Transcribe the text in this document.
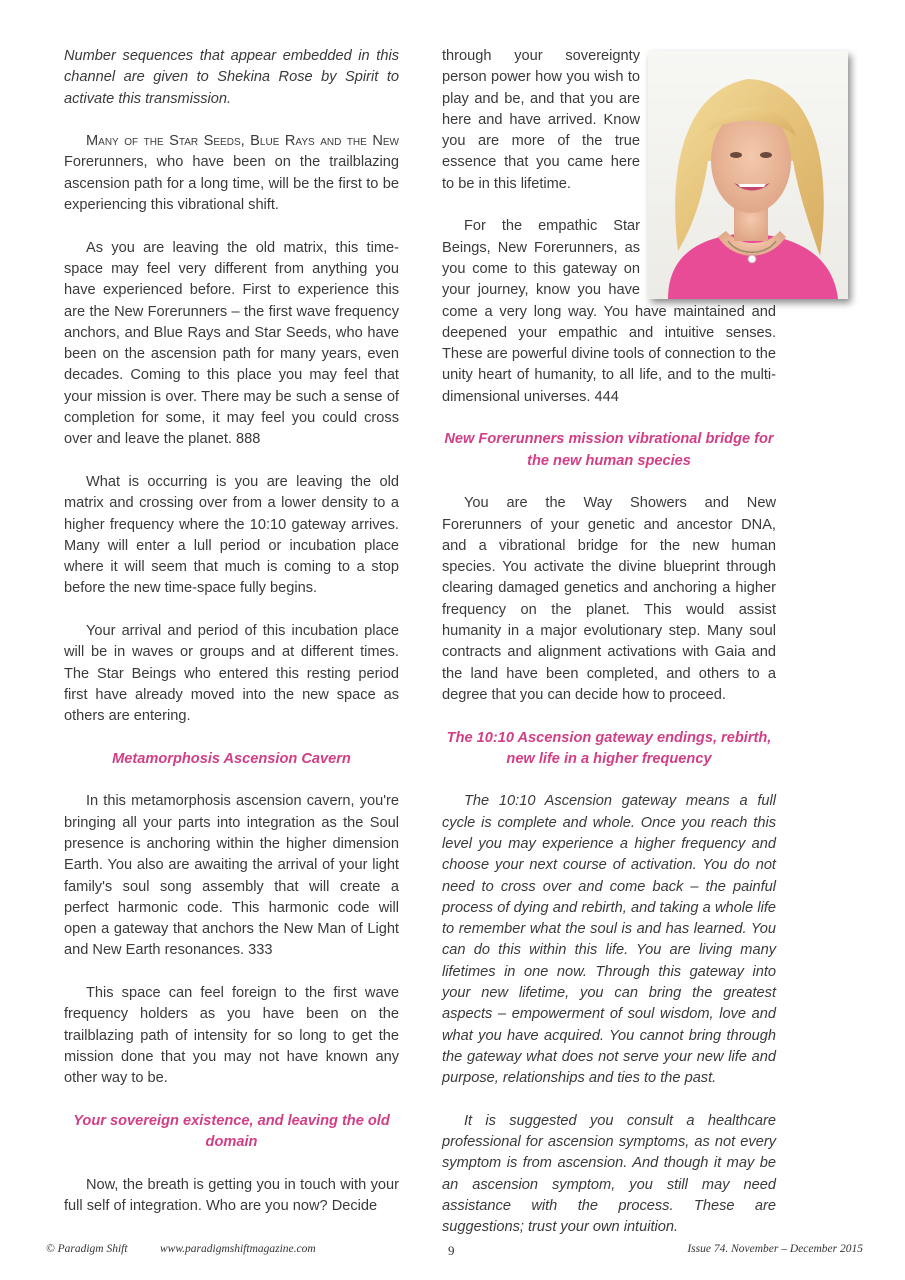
Number sequences that appear embedded in this channel are given to Shekina Rose by Spirit to activate this transmission.

Many of the Star Seeds, Blue Rays and the New Forerunners, who have been on the trailblazing ascension path for a long time, will be the first to be experiencing this vibrational shift.

As you are leaving the old matrix, this time-space may feel very different from anything you have experienced before. First to experience this are the New Forerunners – the first wave frequency anchors, and Blue Rays and Star Seeds, who have been on the ascension path for many years, even decades. Coming to this place you may feel that your mission is over. There may be such a sense of completion for some, it may feel you could cross over and leave the planet. 888

What is occurring is you are leaving the old matrix and crossing over from a lower density to a higher frequency where the 10:10 gateway arrives. Many will enter a lull period or incubation place where it will seem that much is coming to a stop before the new time-space fully begins.

Your arrival and period of this incubation place will be in waves or groups and at different times. The Star Beings who entered this resting period first have already moved into the new space as others are entering.

Metamorphosis Ascension Cavern

In this metamorphosis ascension cavern, you're bringing all your parts into integration as the Soul presence is anchoring within the higher dimension Earth. You also are awaiting the arrival of your light family's soul song assembly that will create a perfect harmonic code. This harmonic code will open a gateway that anchors the New Man of Light and New Earth resonances. 333

This space can feel foreign to the first wave frequency holders as you have been on the trailblazing path of intensity for so long to get the mission done that you may not have known any other way to be.

Your sovereign existence, and leaving the old domain

Now, the breath is getting you in touch with your full self of integration. Who are you now? Decide

through your sovereignty person power how you wish to play and be, and that you are here and have arrived. Know you are more of the true essence that you came here to be in this lifetime.

For the empathic Star Beings, New Forerunners, as you come to this gateway on your journey, know you have come a very long way. You have maintained and deepened your empathic and intuitive senses. These are powerful divine tools of connection to the unity heart of humanity, to all life, and to the multi-dimensional universes. 444

New Forerunners mission vibrational bridge for the new human species

You are the Way Showers and New Forerunners of your genetic and ancestor DNA, and a vibrational bridge for the new human species. You activate the divine blueprint through clearing damaged genetics and anchoring a higher frequency on the planet. This would assist humanity in a major evolutionary step. Many soul contracts and alignment activations with Gaia and the land have been completed, and others to a degree that you can decide how to proceed.

The 10:10 Ascension gateway endings, rebirth, new life in a higher frequency

The 10:10 Ascension gateway means a full cycle is complete and whole. Once you reach this level you may experience a higher frequency and choose your next course of activation. You do not need to cross over and come back – the painful process of dying and rebirth, and taking a whole life to remember what the soul is and has learned. You can do this within this life. You are living many lifetimes in one now. Through this gateway into your new lifetime, you can bring the greatest aspects – empowerment of soul wisdom, love and what you have acquired. You cannot bring through the gateway what does not serve your new life and purpose, relationships and ties to the past.

It is suggested you consult a healthcare professional for ascension symptoms, as not every symptom is from ascension. And though it may be an ascension symptom, you still may need assistance with the process. These are suggestions; trust your own intuition.

© Paradigm Shift	www.paradigmshiftmagazine.com	9	Issue 74. November – December 2015
